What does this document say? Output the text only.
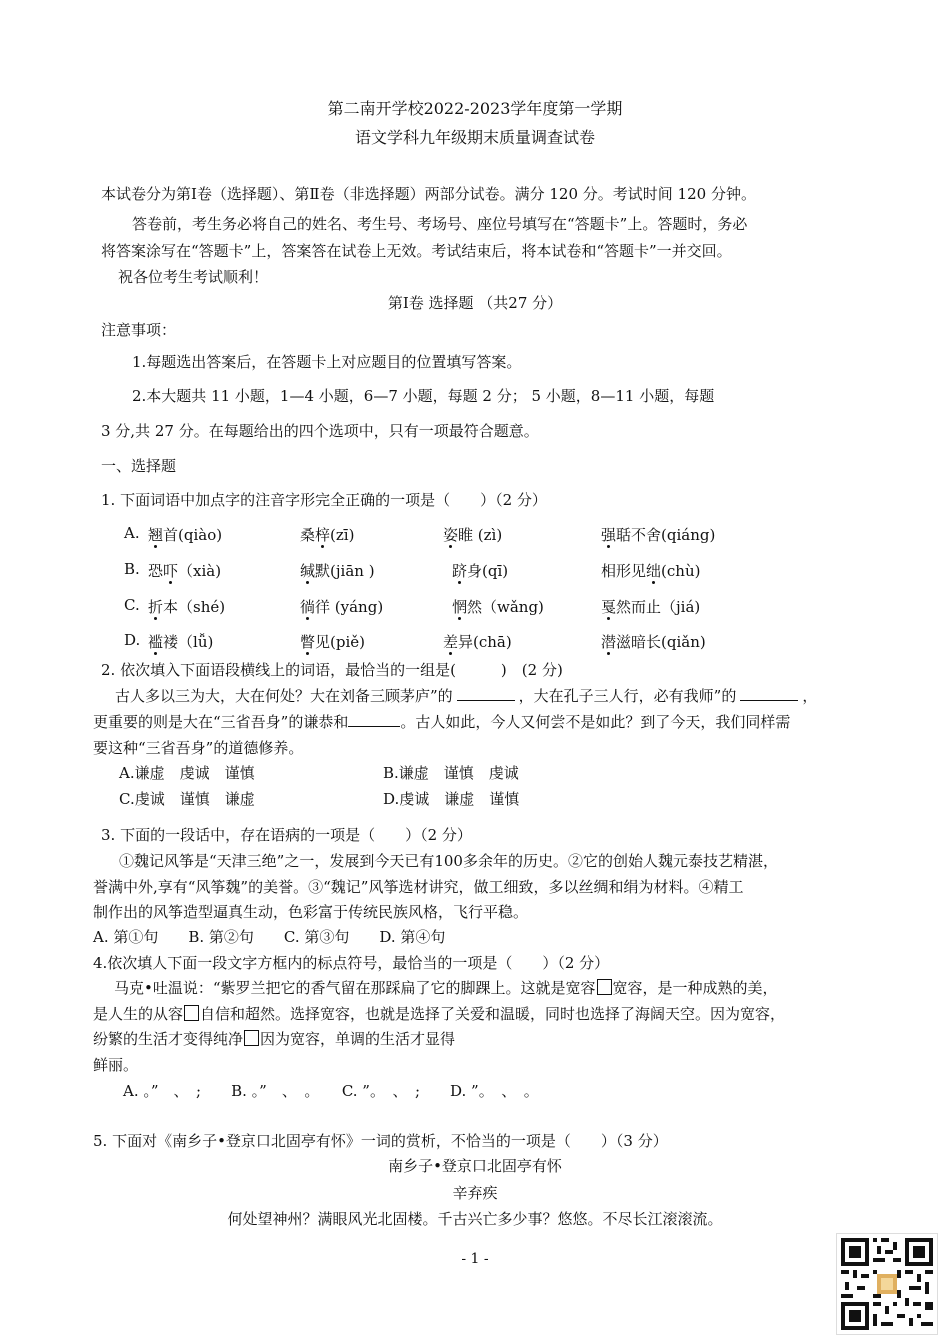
第二南开学校2022-2023学年度第一学期
语文学科九年级期末质量调查试卷
本试卷分为第Ⅰ卷（选择题）、第Ⅱ卷（非选择题）两部分试卷。满分 120 分。考试时间 120 分钟。
答卷前，考生务必将自己的姓名、考生号、考场号、座位号填写在“答题卡”上。答题时，务必
将答案涂写在“答题卡”上，答案答在试卷上无效。考试结束后，将本试卷和“答题卡”一并交回。
祝各位考生考试顺利！
第Ⅰ卷 选择题 （共27 分）
注意事项：
1.每题选出答案后，在答题卡上对应题目的位置填写答案。
2.本大题共 11 小题，1—4 小题，6—7 小题，每题 2 分； 5 小题，8—11 小题，每题
3 分,共 27 分。在每题给出的四个选项中，只有一项最符合题意。
一、选择题
1. 下面词语中加点字的注音字形完全正确的一项是（　　）（2 分）
A. 翘首(qiào)	桑梓(zī)	姿睢 (zì)	强聒不舍(qiáng)
B. 恐吓（xià)	缄默(jiān )	跻身(qī)	相形见绌(chù)
C. 折本（shé)	徜徉 (yáng)	惘然（wǎng)	戛然而止（jiá)
D. 褴褛（lǚ)	瞥见(piě)	差异(chā)	潜滋暗长(qiǎn)
2. 依次填入下面语段横线上的词语，最恰当的一组是(　　　)　(2 分)
古人多以三为大，大在何处？大在刘备三顾茅庐”的	，大在孔子三人行，必有我师”的	，
更重要的则是大在“三省吾身”的谦恭和	。古人如此，今人又何尝不是如此？到了今天，我们同样需
要这种“三省吾身”的道德修养。
A.谦虚　虔诚　谨慎	B.谦虚　谨慎　虔诚
C.虔诚　谨慎　谦虚	D.虔诚　谦虚　谨慎
3. 下面的一段话中，存在语病的一项是（　　）（2 分）
①魏记风筝是“天津三绝”之一，发展到今天已有100多余年的历史。②它的创始人魏元泰技艺精湛，
誉满中外,享有“风筝魏”的美誉。③“魏记”风筝选材讲究，做工细致，多以丝绸和绢为材料。④精工
制作出的风筝造型逼真生动，色彩富于传统民族风格，飞行平稳。
A. 第①句　　B. 第②句　　C. 第③句　　D. 第④句
4.依次填人下面一段文字方框内的标点符号，最恰当的一项是（　　）（2 分）
马克•吐温说：“紫罗兰把它的香气留在那踩扁了它的脚踝上。这就是宽容 宽容，是一种成熟的美，
是人生的从容 自信和超然。选择宽容，也就是选择了关爱和温暖，同时也选择了海阔天空。因为宽容，
纷繁的生活才变得纯净 因为宽容，单调的生活才显得
鲜丽。
A. 。”　、　;　　B. 。”　、　。　　C. ”。　、　;　　D. ”。　、　。
5. 下面对《南乡子•登京口北固亭有怀》一词的赏析，不恰当的一项是（　　）（3 分）
南乡子•登京口北固亭有怀
辛弃疾
何处望神州？满眼风光北固楼。千古兴亡多少事？悠悠。不尽长江滚滚流。
- 1 -
